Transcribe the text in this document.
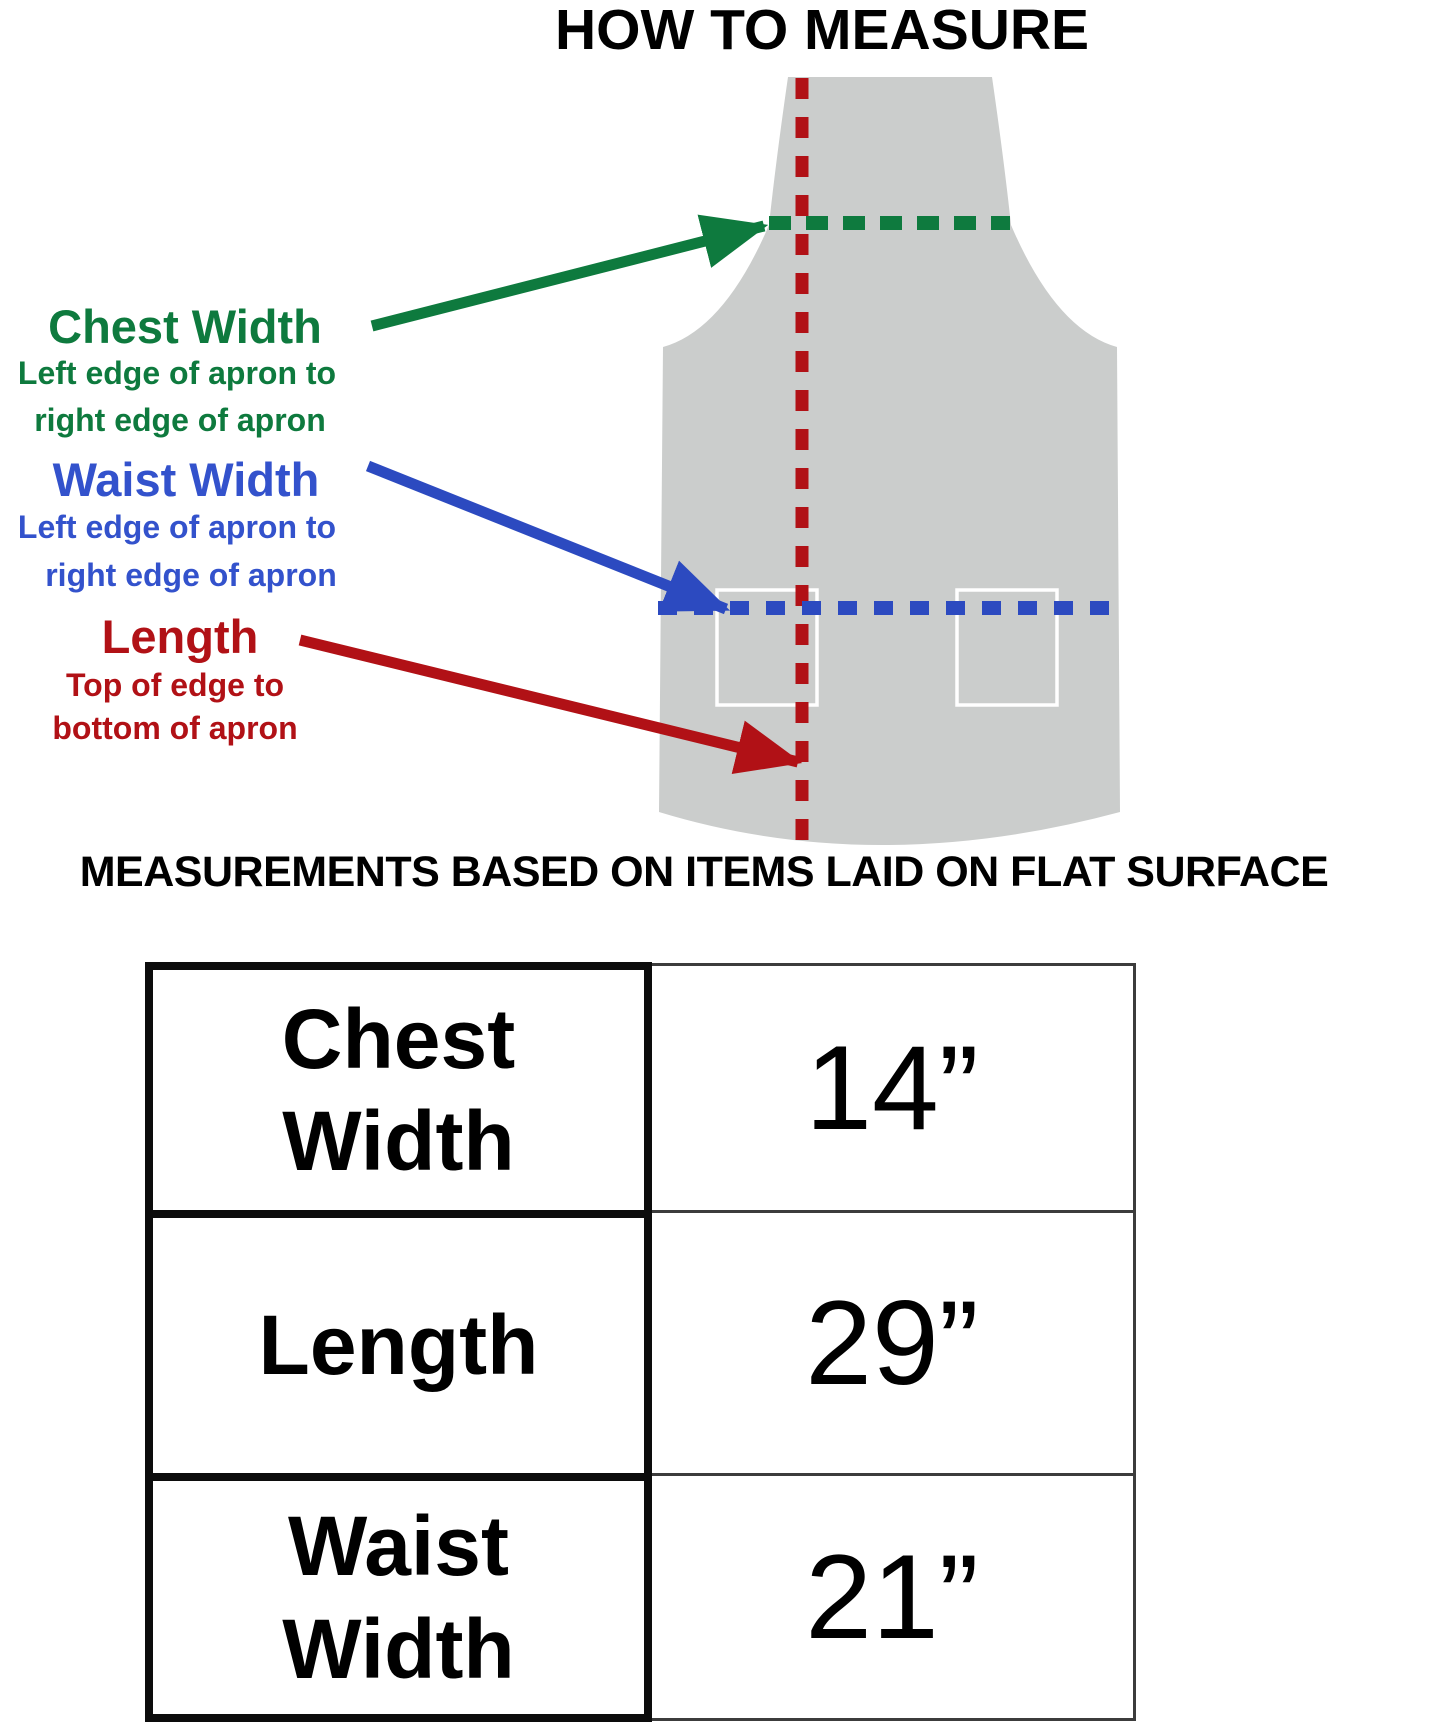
HOW TO MEASURE
Chest Width
Left edge of apron to
right edge of apron
Waist Width
Left edge of apron to
right edge of apron
Length
Top of edge to
bottom of apron
MEASUREMENTS BASED ON ITEMS LAID ON FLAT SURFACE
14”
29”
21”
Chest
Width
Length
Waist
Width
